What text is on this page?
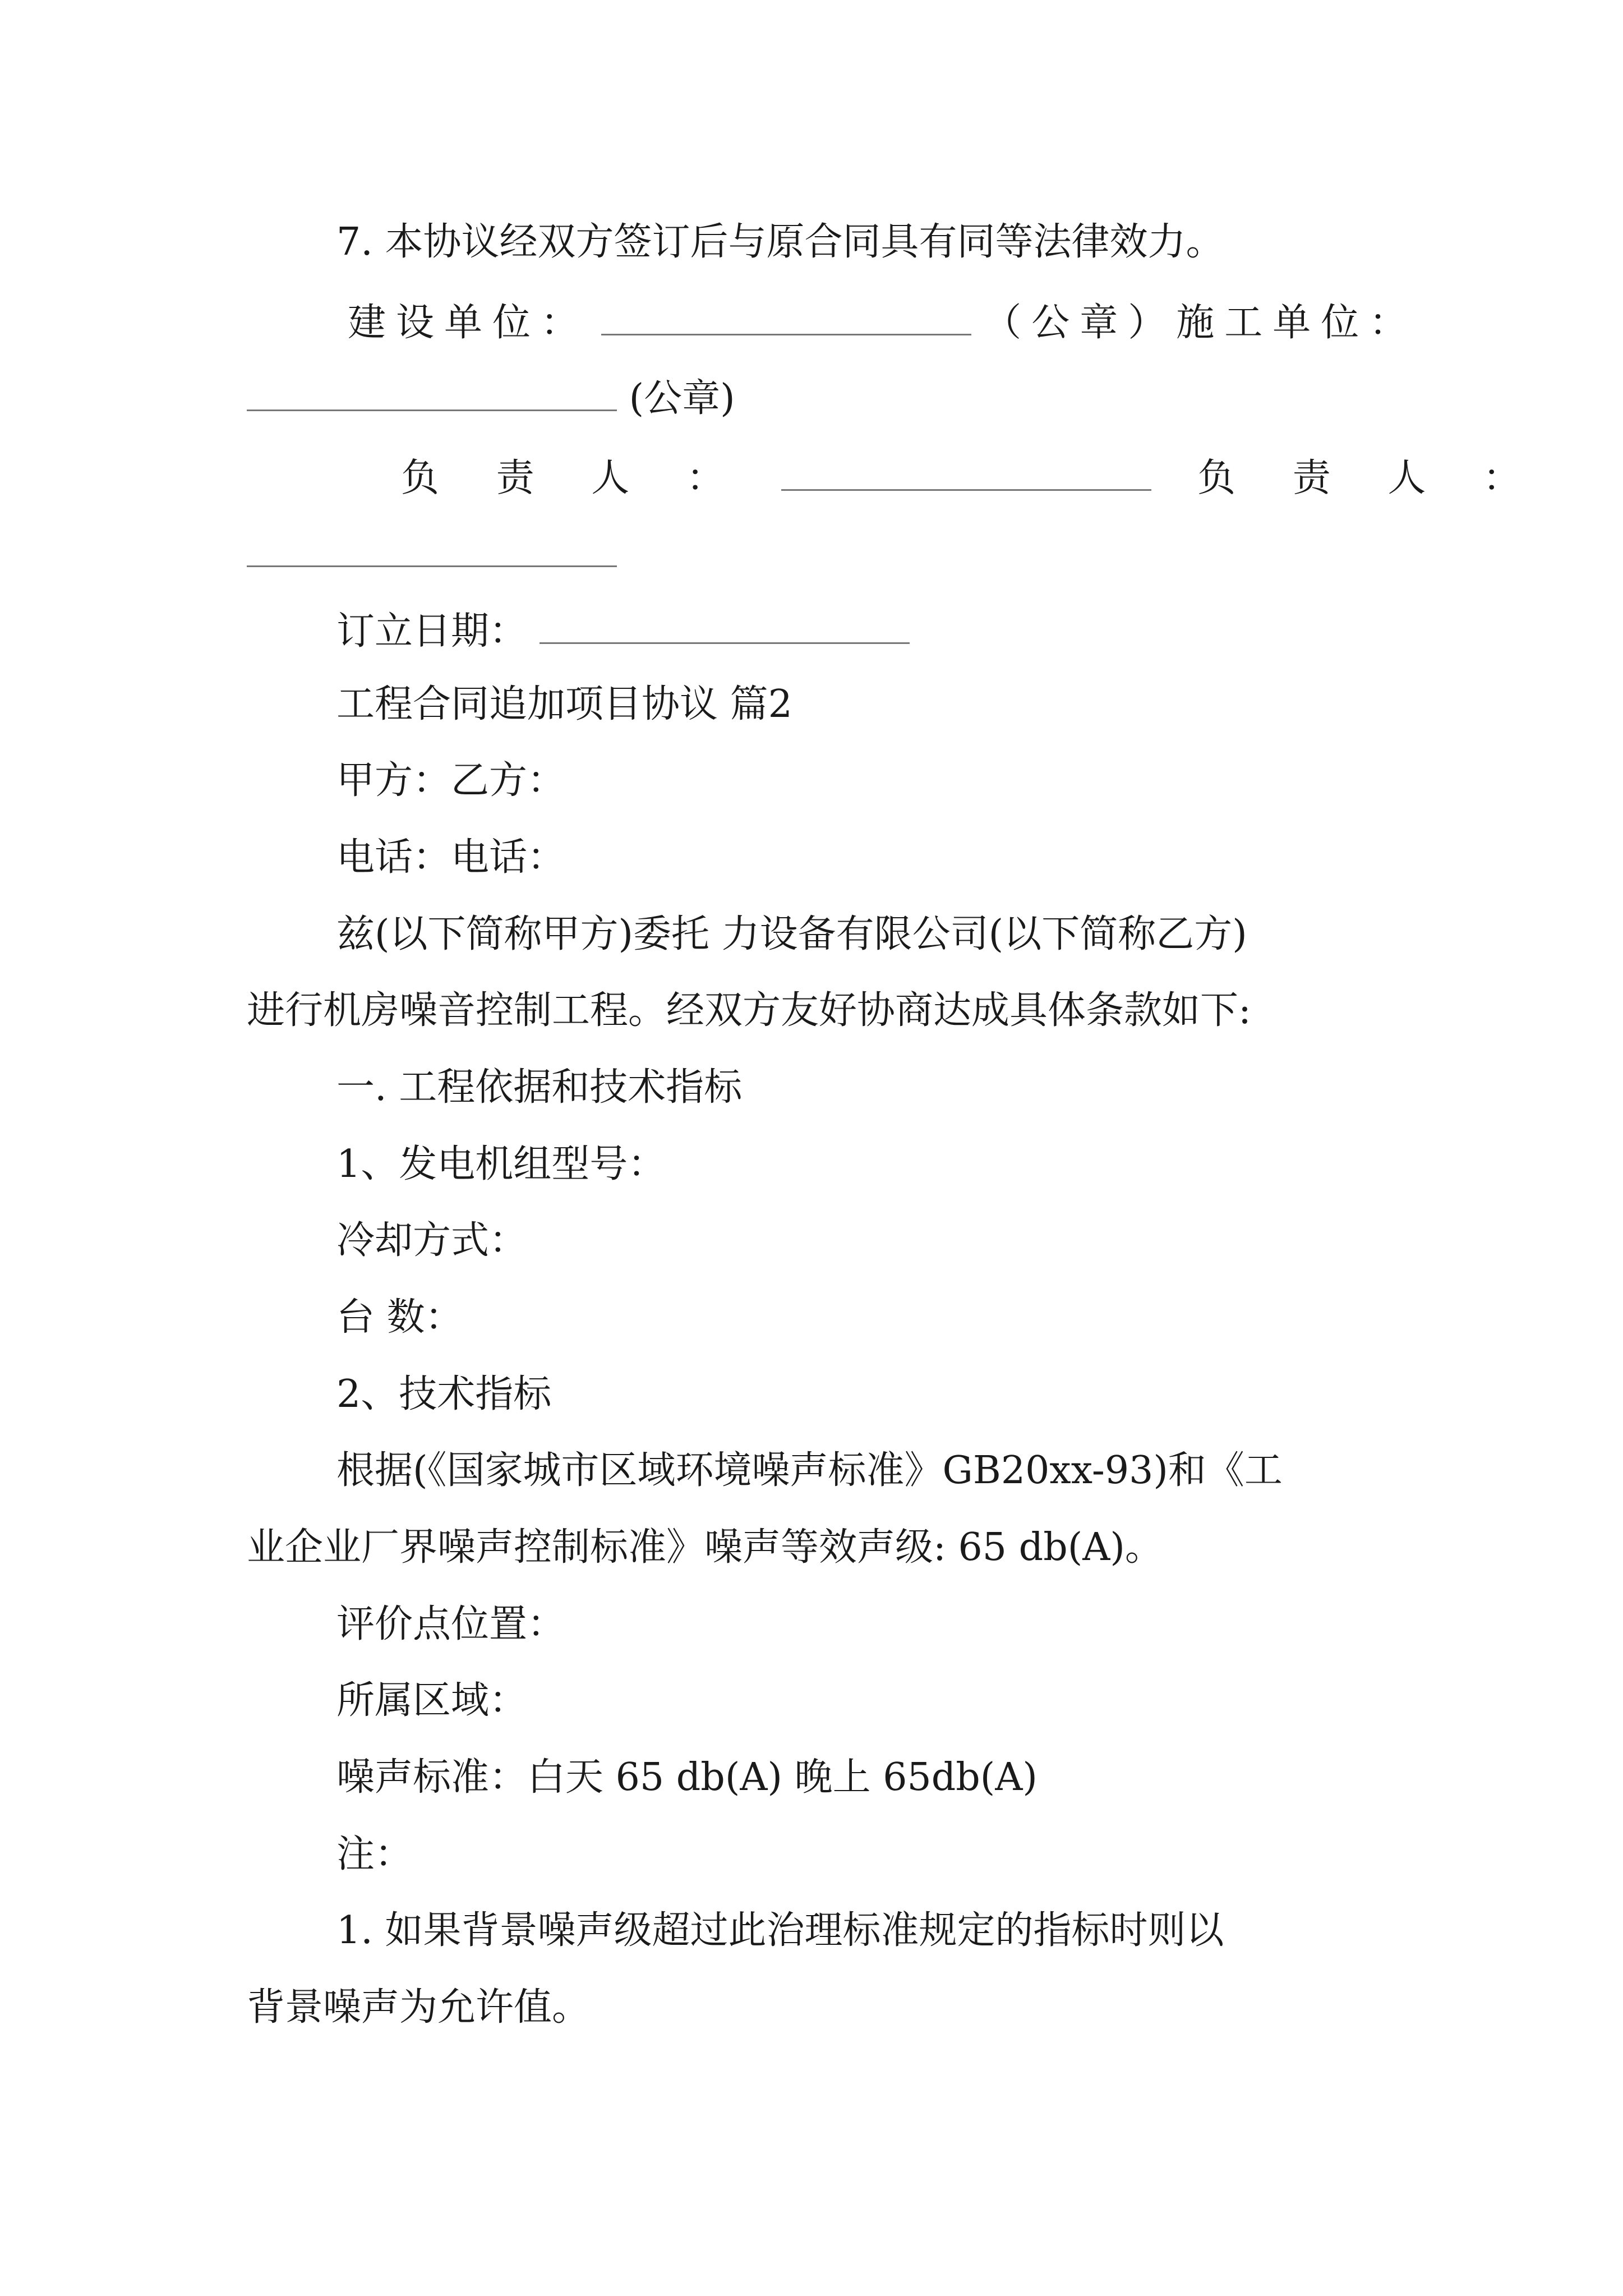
7. 本协议经双方签订后与原合同具有同等法律效力。
建设单位：	（公章）施工单位：
(公章)
负 责 人 ：	负 责 人 ：
订立日期：
工程合同追加项目协议 篇2
甲方：乙方：
电话：电话：
兹(以下简称甲方)委托 力设备有限公司(以下简称乙方)
进行机房噪音控制工程。经双方友好协商达成具体条款如下:
一. 工程依据和技术指标
1、发电机组型号：
冷却方式：
台 数：
2、技术指标
根据(《国家城市区域环境噪声标准》GB20xx-93)和《工
业企业厂界噪声控制标准》噪声等效声级: 65 db(A)。
评价点位置：
所属区域：
噪声标准：白天 65 db(A) 晚上 65db(A)
注：
1. 如果背景噪声级超过此治理标准规定的指标时则以
背景噪声为允许值。
